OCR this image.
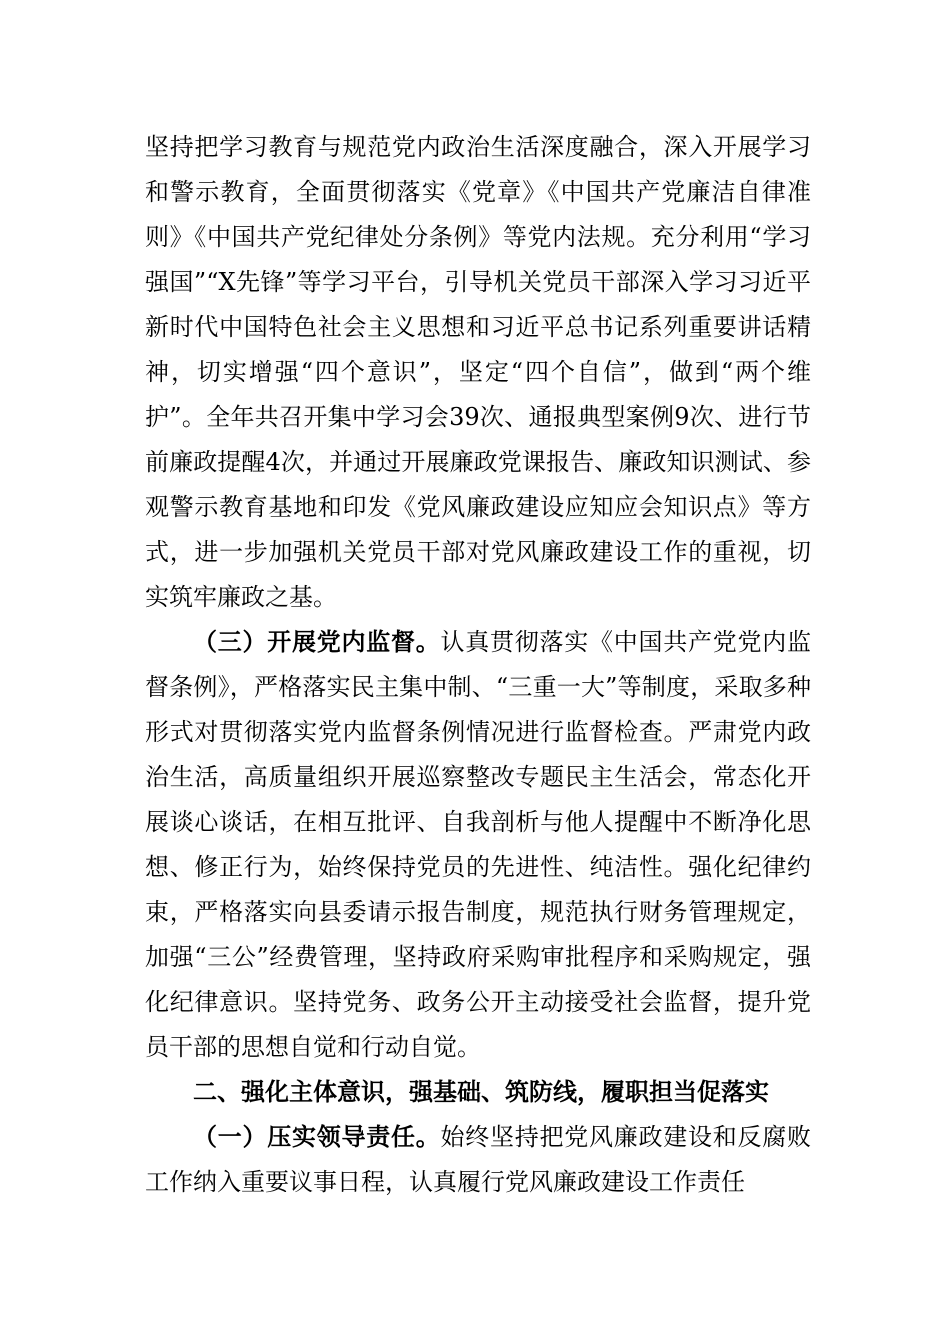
坚持把学习教育与规范党内政治生活深度融合，深入开展学习和警示教育，全面贯彻落实《党章》《中国共产党廉洁自律准则》《中国共产党纪律处分条例》等党内法规。充分利用“学习强国”“X先锋”等学习平台，引导机关党员干部深入学习习近平新时代中国特色社会主义思想和习近平总书记系列重要讲话精神，切实增强“四个意识”，坚定“四个自信”，做到“两个维护”。全年共召开集中学习会39次、通报典型案例9次、进行节前廉政提醒4次，并通过开展廉政党课报告、廉政知识测试、参观警示教育基地和印发《党风廉政建设应知应会知识点》等方式，进一步加强机关党员干部对党风廉政建设工作的重视，切实筑牢廉政之基。

（三）开展党内监督。认真贯彻落实《中国共产党党内监督条例》，严格落实民主集中制、“三重一大”等制度，采取多种形式对贯彻落实党内监督条例情况进行监督检查。严肃党内政治生活，高质量组织开展巡察整改专题民主生活会，常态化开展谈心谈话，在相互批评、自我剖析与他人提醒中不断净化思想、修正行为，始终保持党员的先进性、纯洁性。强化纪律约束，严格落实向县委请示报告制度，规范执行财务管理规定，加强“三公”经费管理，坚持政府采购审批程序和采购规定，强化纪律意识。坚持党务、政务公开主动接受社会监督，提升党员干部的思想自觉和行动自觉。

二、强化主体意识，强基础、筑防线，履职担当促落实

（一）压实领导责任。始终坚持把党风廉政建设和反腐败工作纳入重要议事日程，认真履行党风廉政建设工作责任
